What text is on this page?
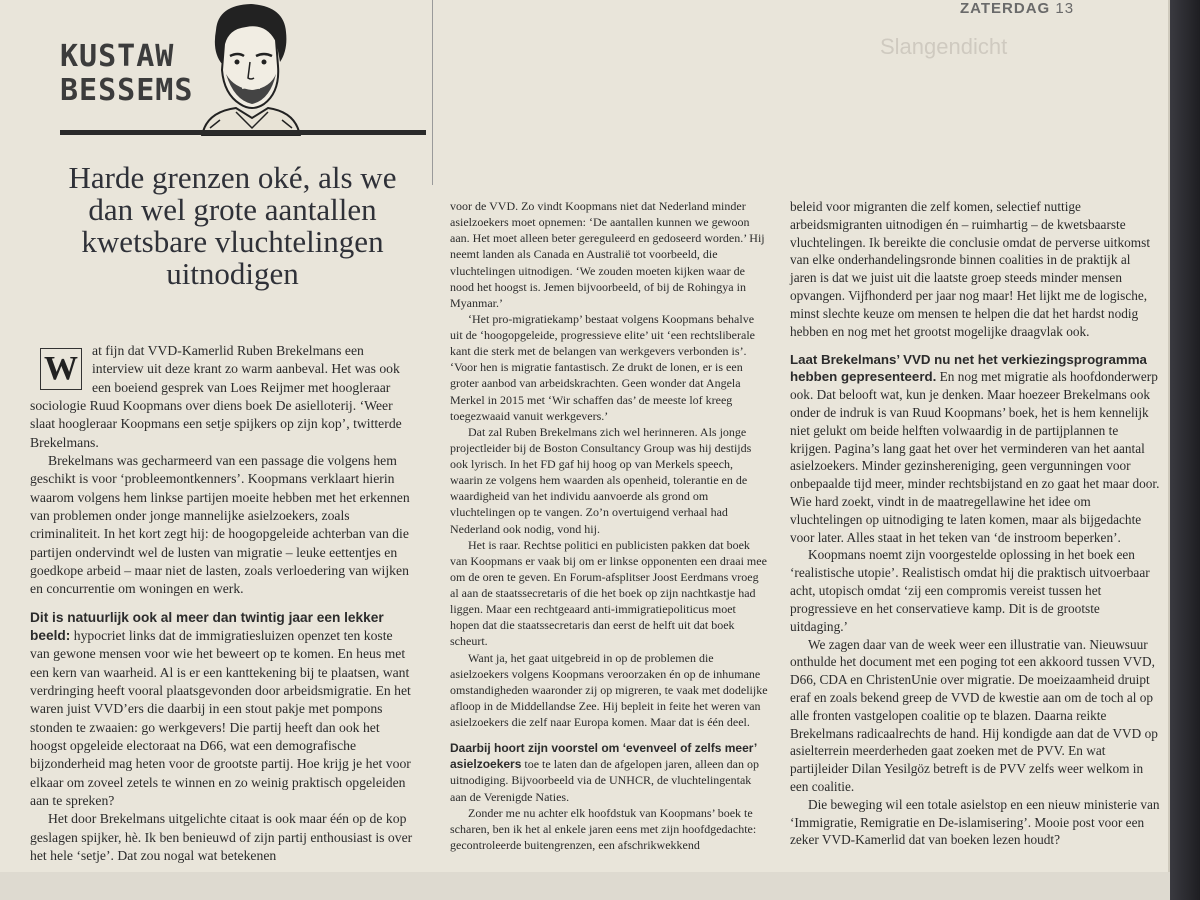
ZATERDAG 13
Slangendicht
KUSTAW
BESSEMS
Harde grenzen oké, als we dan wel grote aantallen kwetsbare vluchtelingen uitnodigen
W	at fijn dat VVD-Kamerlid Ruben Brekelmans een interview uit deze krant zo warm aanbeval. Het was ook een boeiend gesprek van Loes Reijmer met hoogleraar sociologie Ruud Koopmans over diens boek De asielloterij. ‘Weer slaat hoogleraar Koopmans een setje spijkers op zijn kop’, twitterde Brekelmans.

Brekelmans was gecharmeerd van een passage die volgens hem geschikt is voor ‘probleemontkenners’. Koopmans verklaart hierin waarom volgens hem linkse partijen moeite hebben met het erkennen van problemen onder jonge mannelijke asielzoekers, zoals criminaliteit. In het kort zegt hij: de hoogopgeleide achterban van die partijen ondervindt wel de lusten van migratie – leuke eettentjes en goedkope arbeid – maar niet de lasten, zoals verloedering van wijken en concurrentie om woningen en werk.

Dit is natuurlijk ook al meer dan twintig jaar een lekker beeld: hypocriet links dat de immigratiesluizen openzet ten koste van gewone mensen voor wie het beweert op te komen. En heus met een kern van waarheid. Al is er een kanttekening bij te plaatsen, want verdringing heeft vooral plaatsgevonden door arbeidsmigratie. En het waren juist VVD’ers die daarbij in een stout pakje met pompons stonden te zwaaien: go werkgevers! Die partij heeft dan ook het hoogst opgeleide electoraat na D66, wat een demografische bijzonderheid mag heten voor de grootste partij. Hoe krijg je het voor elkaar om zoveel zetels te winnen en zo weinig praktisch opgeleiden aan te spreken?

Het door Brekelmans uitgelichte citaat is ook maar één op de kop geslagen spijker, hè. Ik ben benieuwd of zijn partij enthousiast is over het hele ‘setje’. Dat zou nogal wat betekenen

voor de VVD. Zo vindt Koopmans niet dat Nederland minder asielzoekers moet opnemen: ‘De aantallen kunnen we gewoon aan. Het moet alleen beter gereguleerd en gedoseerd worden.’ Hij neemt landen als Canada en Australië tot voorbeeld, die vluchtelingen uitnodigen. ‘We zouden moeten kijken waar de nood het hoogst is. Jemen bijvoorbeeld, of bij de Rohingya in Myanmar.’

‘Het pro-migratiekamp’ bestaat volgens Koopmans behalve uit de ‘hoogopgeleide, progressieve elite’ uit ‘een rechtsliberale kant die sterk met de belangen van werkgevers verbonden is’. ‘Voor hen is migratie fantastisch. Ze drukt de lonen, er is een groter aanbod van arbeidskrachten. Geen wonder dat Angela Merkel in 2015 met ‘Wir schaffen das’ de meeste lof kreeg toegezwaaid vanuit werkgevers.’

Dat zal Ruben Brekelmans zich wel herinneren. Als jonge projectleider bij de Boston Consultancy Group was hij destijds ook lyrisch. In het FD gaf hij hoog op van Merkels speech, waarin ze volgens hem waarden als openheid, tolerantie en de waardigheid van het individu aanvoerde als grond om vluchtelingen op te vangen. Zo’n overtuigend verhaal had Nederland ook nodig, vond hij.

Het is raar. Rechtse politici en publicisten pakken dat boek van Koopmans er vaak bij om er linkse opponenten een draai mee om de oren te geven. En Forum-afsplitser Joost Eerdmans vroeg al aan de staatssecretaris of die het boek op zijn nachtkastje had liggen. Maar een rechtgeaard anti-immigratiepoliticus moet hopen dat die staatssecretaris dan eerst de helft uit dat boek scheurt.

Want ja, het gaat uitgebreid in op de problemen die asielzoekers volgens Koopmans veroorzaken én op de inhumane omstandigheden waaronder zij op migreren, te vaak met dodelijke afloop in de Middellandse Zee. Hij bepleit in feite het weren van asielzoekers die zelf naar Europa komen. Maar dat is één deel.

Daarbij hoort zijn voorstel om ‘evenveel of zelfs meer’ asielzoekers toe te laten dan de afgelopen jaren, alleen dan op uitnodiging. Bijvoorbeeld via de UNHCR, de vluchtelingentak aan de Verenigde Naties.

Zonder me nu achter elk hoofdstuk van Koopmans’ boek te scharen, ben ik het al enkele jaren eens met zijn hoofdgedachte: gecontroleerde buitengrenzen, een afschrikwekkend

beleid voor migranten die zelf komen, selectief nuttige arbeidsmigranten uitnodigen én – ruimhartig – de kwetsbaarste vluchtelingen. Ik bereikte die conclusie omdat de perverse uitkomst van elke onderhandelingsronde binnen coalities in de praktijk al jaren is dat we juist uit die laatste groep steeds minder mensen opvangen. Vijfhonderd per jaar nog maar! Het lijkt me de logische, minst slechte keuze om mensen te helpen die dat het hardst nodig hebben en nog met het grootst mogelijke draagvlak ook.

Laat Brekelmans’ VVD nu net het verkiezingsprogramma hebben gepresenteerd. En nog met migratie als hoofdonderwerp ook. Dat belooft wat, kun je denken. Maar hoezeer Brekelmans ook onder de indruk is van Ruud Koopmans’ boek, het is hem kennelijk niet gelukt om beide helften volwaardig in de partijplannen te krijgen. Pagina’s lang gaat het over het verminderen van het aantal asielzoekers. Minder gezinshereniging, geen vergunningen voor onbepaalde tijd meer, minder rechtsbijstand en zo gaat het maar door. Wie hard zoekt, vindt in de maatregellawine het idee om vluchtelingen op uitnodiging te laten komen, maar als bijgedachte voor later. Alles staat in het teken van ‘de instroom beperken’.

Koopmans noemt zijn voorgestelde oplossing in het boek een ‘realistische utopie’. Realistisch omdat hij die praktisch uitvoerbaar acht, utopisch omdat ‘zij een compromis vereist tussen het progressieve en het conservatieve kamp. Dit is de grootste uitdaging.’

We zagen daar van de week weer een illustratie van. Nieuwsuur onthulde het document met een poging tot een akkoord tussen VVD, D66, CDA en ChristenUnie over migratie. De moeizaamheid druipt eraf en zoals bekend greep de VVD de kwestie aan om de toch al op alle fronten vastgelopen coalitie op te blazen. Daarna reikte Brekelmans radicaalrechts de hand. Hij kondigde aan dat de VVD op asielterrein meerderheden gaat zoeken met de PVV. En wat partijleider Dilan Yesilgöz betreft is de PVV zelfs weer welkom in een coalitie.

Die beweging wil een totale asielstop en een nieuw ministerie van ‘Immigratie, Remigratie en De-islamisering’. Mooie post voor een zeker VVD-Kamerlid dat van boeken lezen houdt?
